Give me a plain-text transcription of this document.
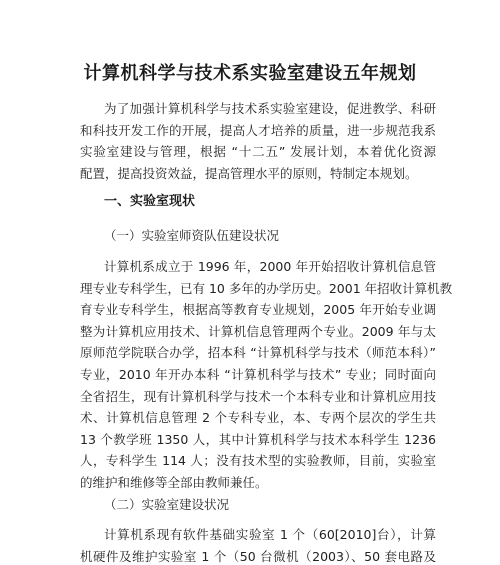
计算机科学与技术系实验室建设五年规划
为了加强计算机科学与技术系实验室建设，促进教学、科研
和科技开发工作的开展，提高人才培养的质量，进一步规范我系
实验室建设与管理，根据 “十二五” 发展计划，本着优化资源
配置，提高投资效益，提高管理水平的原则，特制定本规划。
一、实验室现状
（一）实验室师资队伍建设状况
计算机系成立于 1996 年，2000 年开始招收计算机信息管
理专业专科学生，已有 10 多年的办学历史。2001 年招收计算机教
育专业专科学生，根据高等教育专业规划，2005 年开始专业调
整为计算机应用技术、计算机信息管理两个专业。2009 年与太
原师范学院联合办学，招本科 “计算机科学与技术（师范本科）”
专业，2010 年开办本科 “计算机科学与技术” 专业；同时面向
全省招生，现有计算机科学与技术一个本科专业和计算机应用技
术、计算机信息管理 2 个专科专业，本、专两个层次的学生共
13 个教学班 1350 人，其中计算机科学与技术本科学生 1236
人，专科学生 114 人；没有技术型的实验教师，目前，实验室
的维护和维修等全部由教师兼任。
（二）实验室建设状况
计算机系现有软件基础实验室 1 个（60[2010]台），计算
机硬件及维护实验室 1 个（50 台微机（2003）、50 套电路及
